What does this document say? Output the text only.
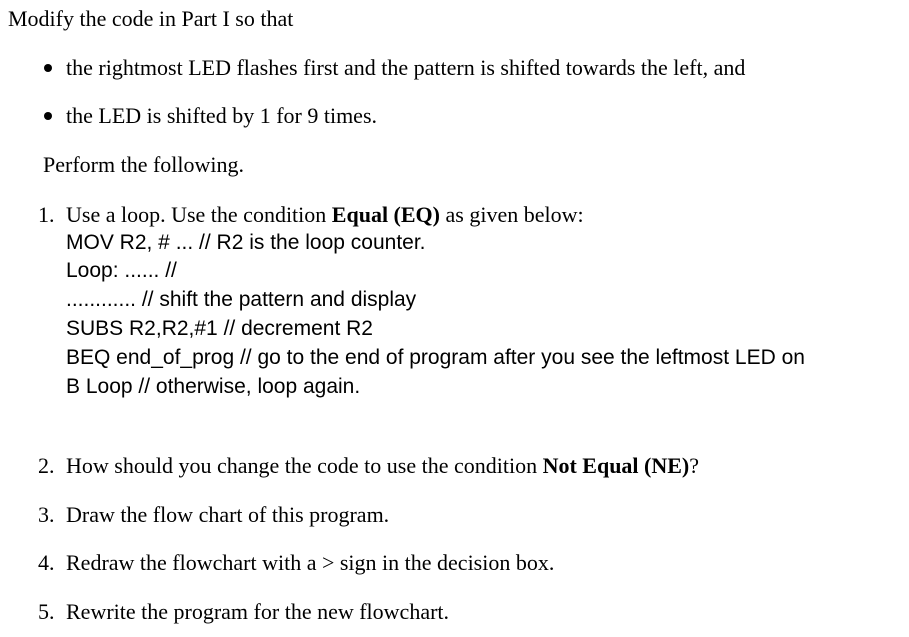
Modify the code in Part I so that
the rightmost LED flashes first and the pattern is shifted towards the left, and
the LED is shifted by 1 for 9 times.
Perform the following.
1. Use a loop. Use the condition Equal (EQ) as given below:
MOV R2, # ... // R2 is the loop counter.
Loop: ...... //
............ // shift the pattern and display
SUBS R2,R2,#1 // decrement R2
BEQ end_of_prog // go to the end of program after you see the leftmost LED on
B Loop // otherwise, loop again.
2. How should you change the code to use the condition Not Equal (NE)?
3. Draw the flow chart of this program.
4. Redraw the flowchart with a > sign in the decision box.
5. Rewrite the program for the new flowchart.
